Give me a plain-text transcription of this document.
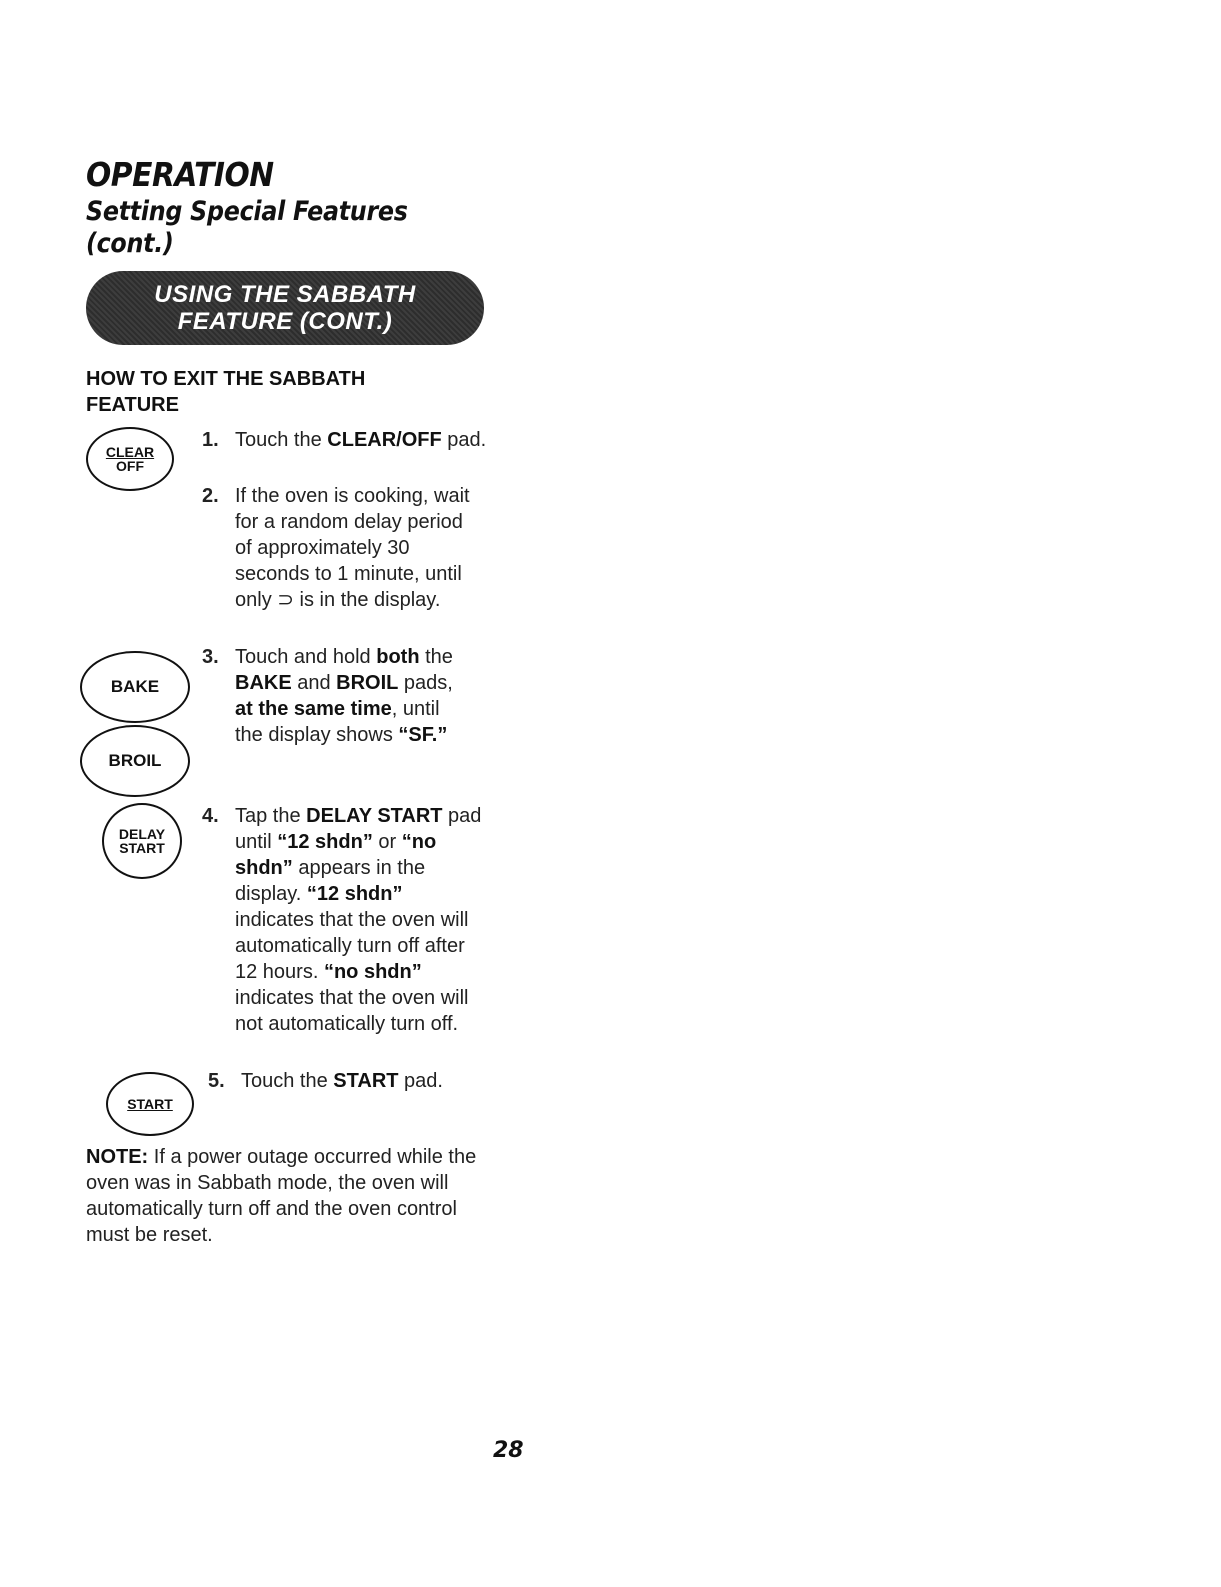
OPERATION
Setting Special Features
(cont.)
USING THE SABBATH
FEATURE (CONT.)
HOW TO EXIT THE SABBATH
FEATURE
CLEAR
OFF
BAKE
BROIL
DELAY
START
START
1. Touch the CLEAR/OFF pad.
2. If the oven is cooking, wait for a random delay period of approximately 30 seconds to 1 minute, until only ⊃ is in the display.
3. Touch and hold both the BAKE and BROIL pads, at the same time, until the display shows “SF.”
4. Tap the DELAY START pad until “12 shdn” or “no shdn” appears in the display. “12 shdn” indicates that the oven will automatically turn off after 12 hours. “no shdn” indicates that the oven will not automatically turn off.
5. Touch the START pad.
NOTE: If a power outage occurred while the oven was in Sabbath mode, the oven will automatically turn off and the oven control must be reset.
28
